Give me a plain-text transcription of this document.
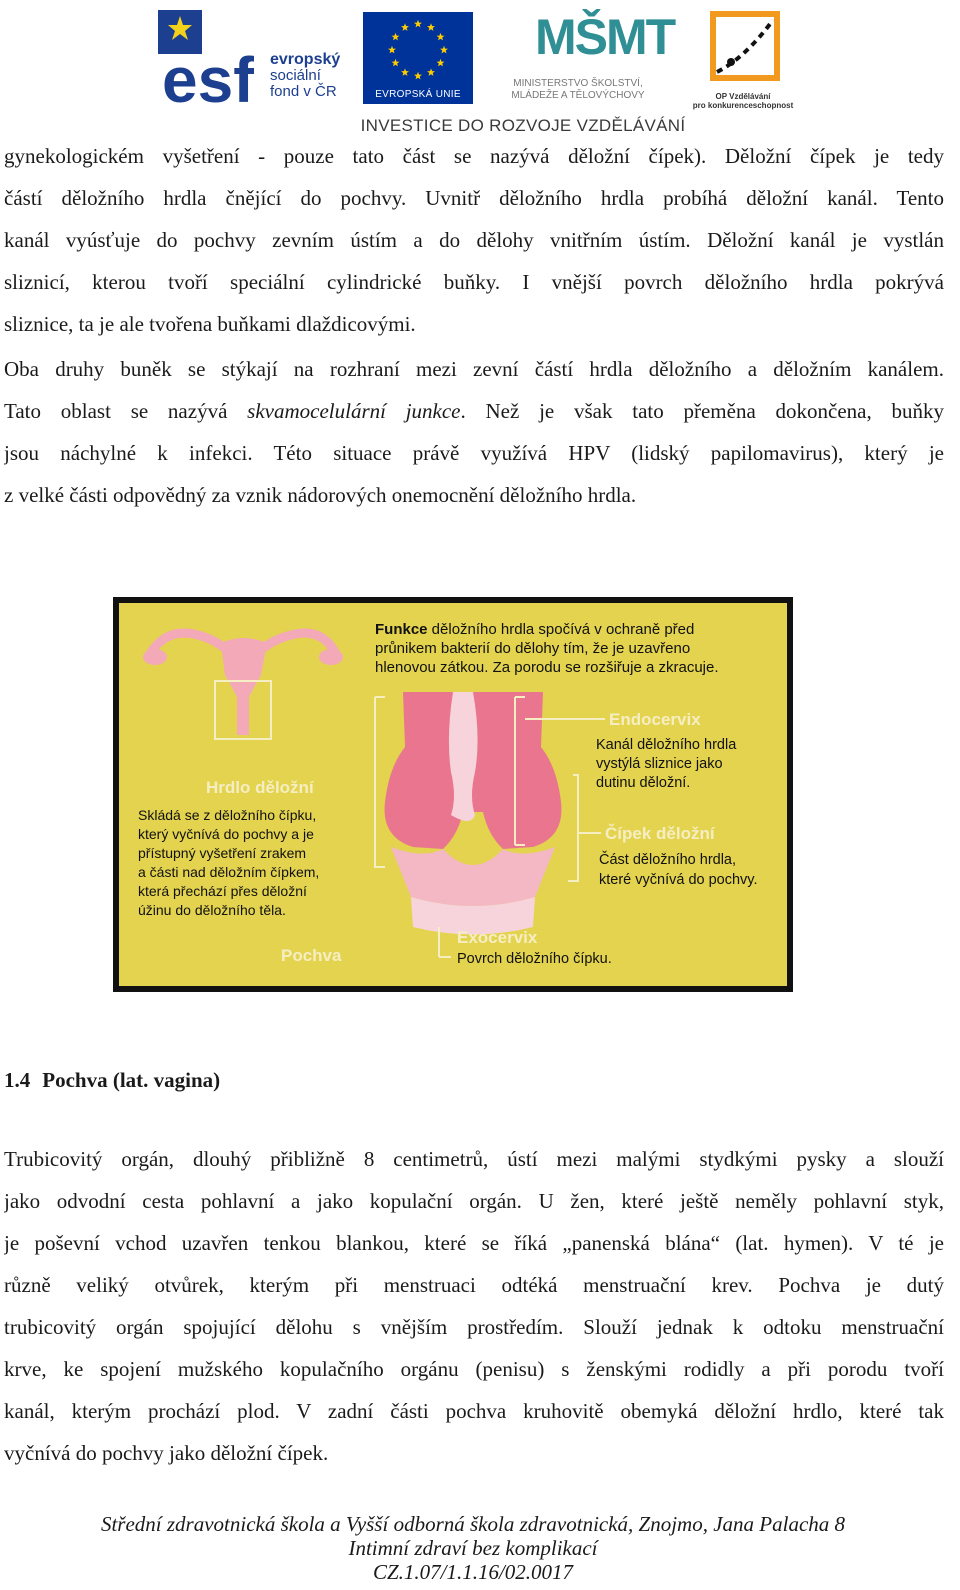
esf evropský
sociální
fond v ČR	EVROPSKÁ UNIE
MŠMT
MINISTERSTVO ŠKOLSTVÍ,
MLÁDEŽE A TĚLOVÝCHOVY	OP Vzdělávání
pro konkurenceschopnost
INVESTICE DO ROZVOJE VZDĚLÁVÁNÍ
gynekologickém vyšetření - pouze tato část se nazývá děložní čípek). Děložní čípek je tedy
částí děložního hrdla čnějící do pochvy. Uvnitř děložního hrdla probíhá děložní kanál. Tento
kanál vyúsťuje do pochvy zevním ústím a do dělohy vnitřním ústím. Děložní kanál je vystlán
sliznicí, kterou tvoří speciální cylindrické buňky. I vnější povrch děložního hrdla pokrývá
sliznice, ta je ale tvořena buňkami dlaždicovými.
Oba druhy buněk se stýkají na rozhraní mezi zevní částí hrdla děložního a děložním kanálem.
Tato oblast se nazývá skvamocelulární junkce. Než je však tato přeměna dokončena, buňky
jsou náchylné k infekci. Této situace právě využívá HPV (lidský papilomavirus), který je
z velké části odpovědný za vznik nádorových onemocnění děložního hrdla.
Funkce děložního hrdla spočívá v ochraně před
průnikem bakterií do dělohy tím, že je uzavřeno
hlenovou zátkou. Za porodu se rozšiřuje a zkracuje.
Endocervix
Kanál děložního hrdla
vystýlá sliznice jako
dutinu děložní.
Hrdlo děložní
Skládá se z děložního čípku,
který vyčnívá do pochvy a je
přístupný vyšetření zrakem
a části nad děložním čípkem,
která přechází přes děložní
úžinu do děložního těla.
Čípek děložní
Část děložního hrdla,
které vyčnívá do pochvy.
Exocervix
Povrch děložního čípku.
Pochva
1.4 Pochva (lat. vagina)
Trubicovitý orgán, dlouhý přibližně 8 centimetrů, ústí mezi malými stydkými pysky a slouží
jako odvodní cesta pohlavní a jako kopulační orgán. U žen, které ještě neměly pohlavní styk,
je poševní vchod uzavřen tenkou blankou, které se říká „panenská blána“ (lat. hymen). V té je
různě veliký otvůrek, kterým při menstruaci odtéká menstruační krev. Pochva je dutý
trubicovitý orgán spojující dělohu s vnějším prostředím. Slouží jednak k odtoku menstruační
krve, ke spojení mužského kopulačního orgánu (penisu) s ženskými rodidly a při porodu tvoří
kanál, kterým prochází plod. V zadní části pochva kruhovitě obemyká děložní hrdlo, které tak
vyčnívá do pochvy jako děložní čípek.
Střední zdravotnická škola a Vyšší odborná škola zdravotnická, Znojmo, Jana Palacha 8
Intimní zdraví bez komplikací
CZ.1.07/1.1.16/02.0017
